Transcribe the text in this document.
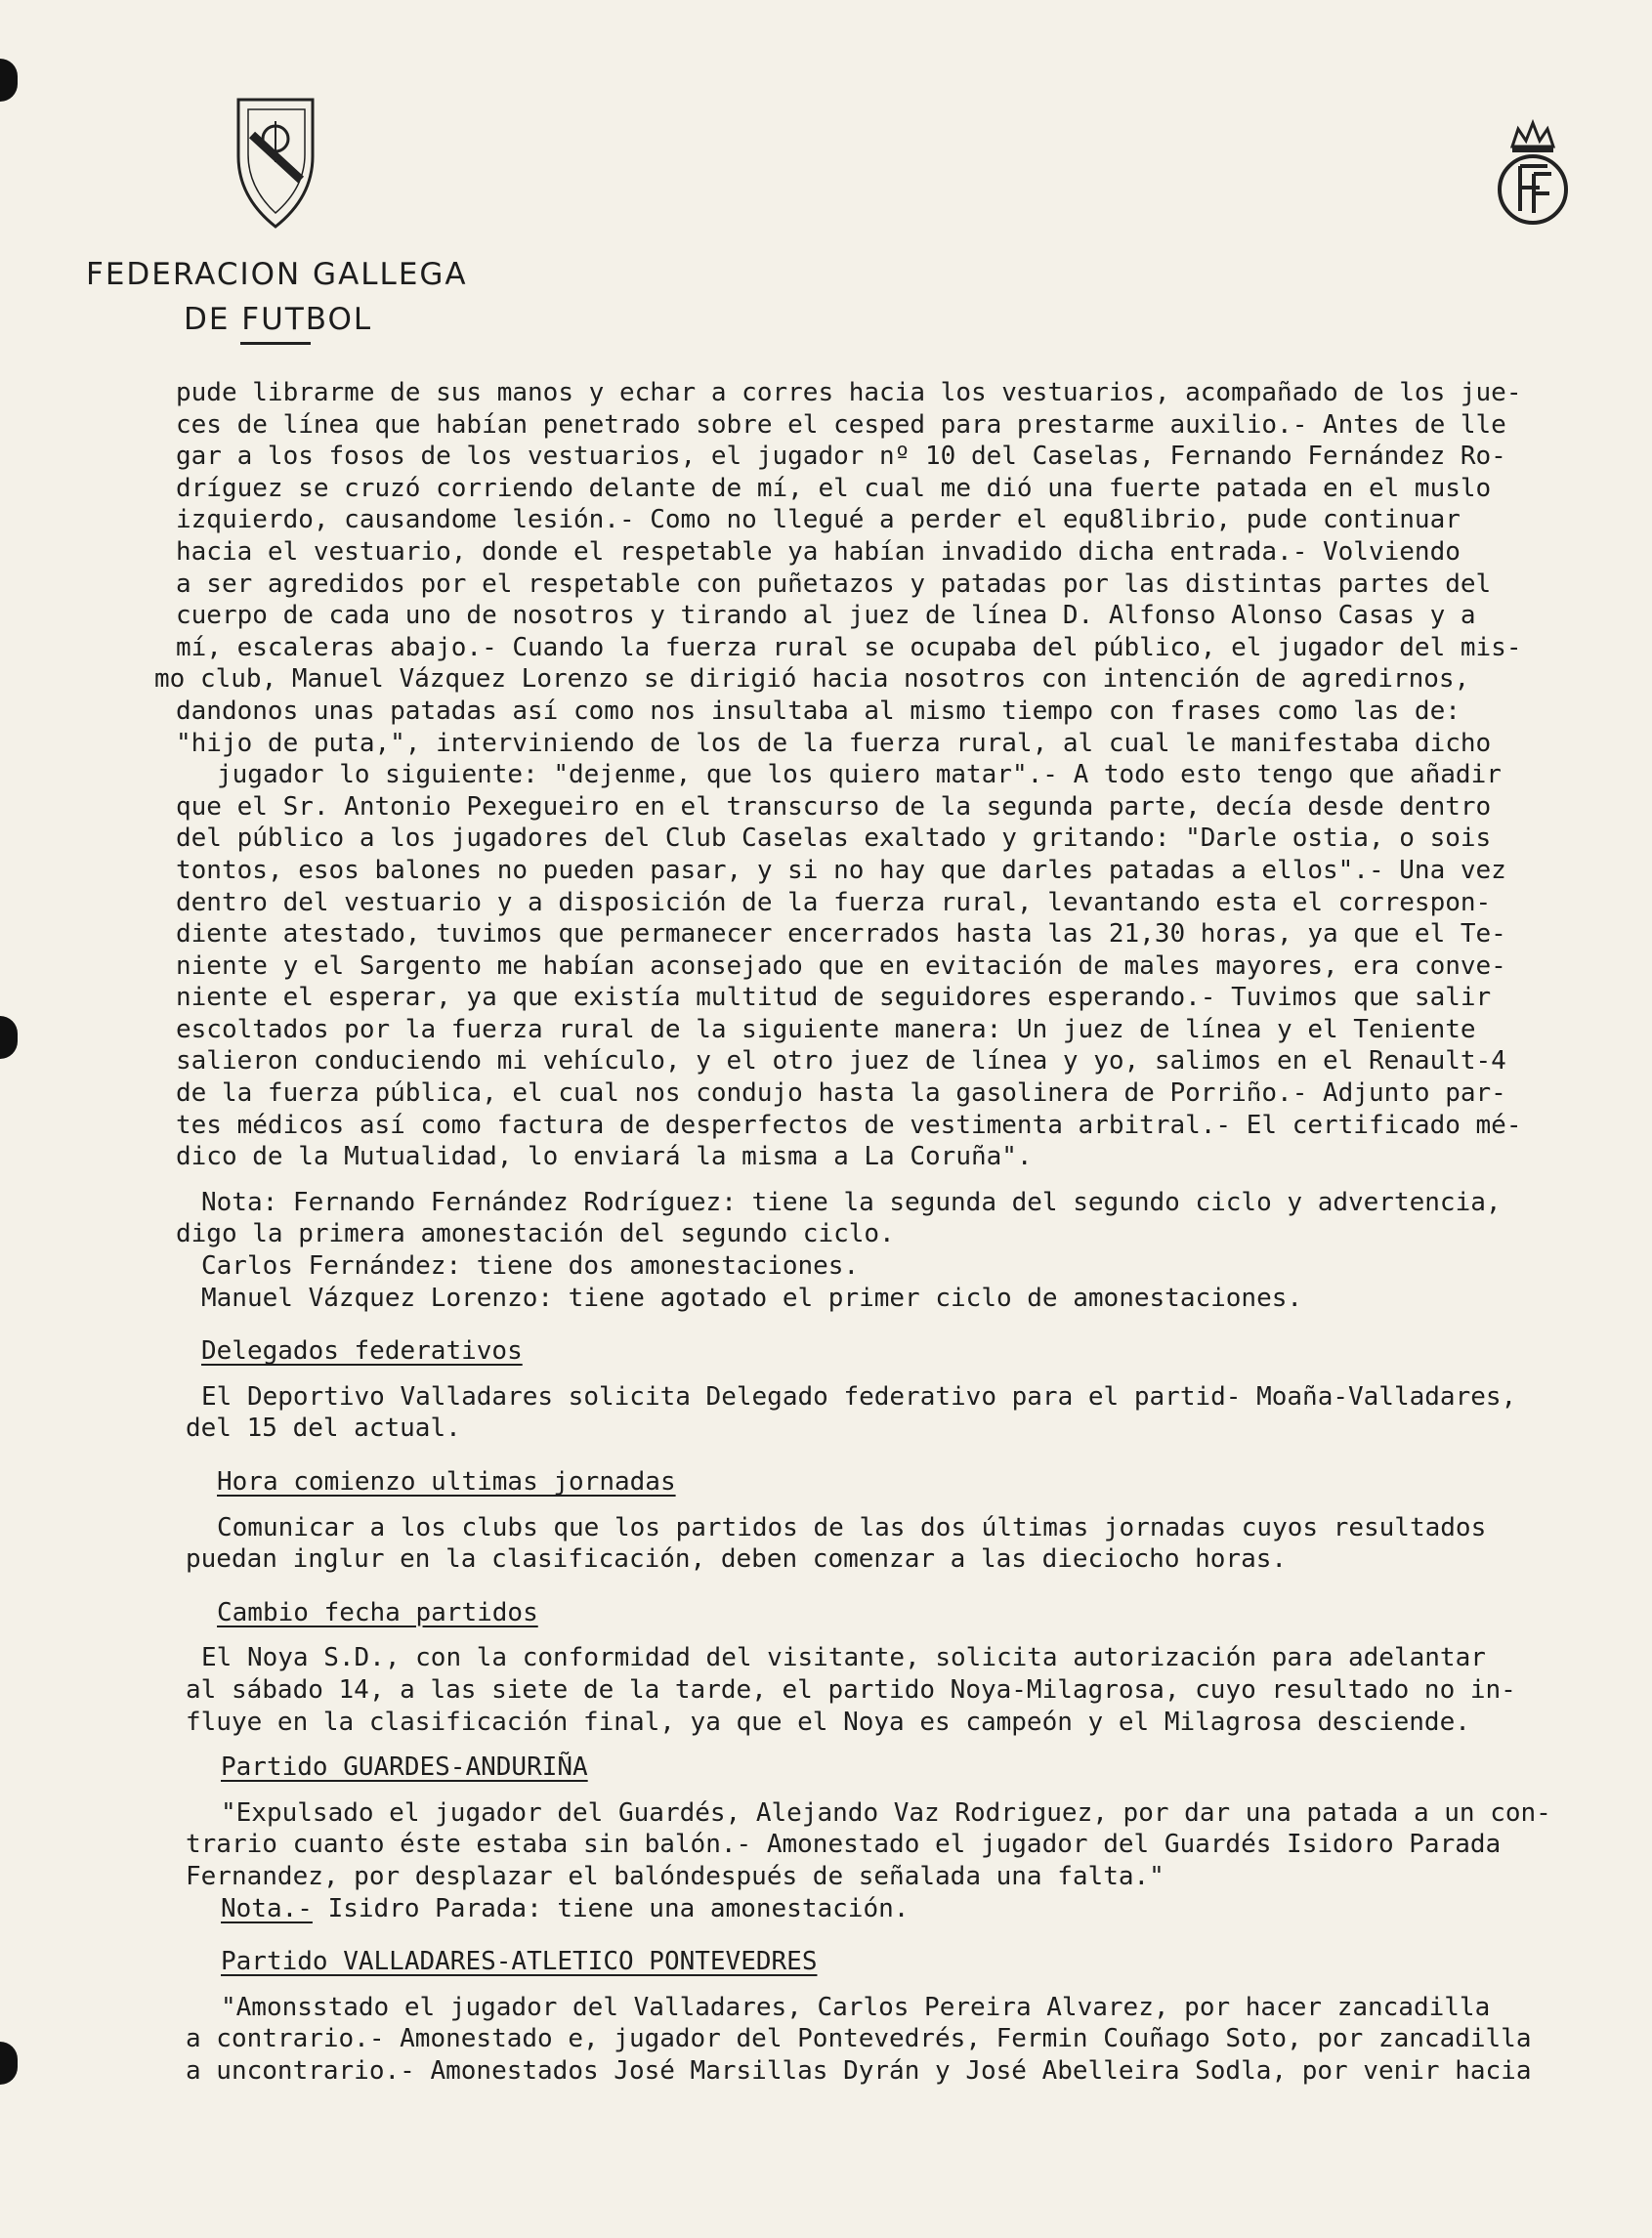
FEDERACION GALLEGA
DE FUTBOL
pude librarme de sus manos y echar a corres hacia los vestuarios, acompañado de los jue-
ces de línea que habían penetrado sobre el cesped para prestarme auxilio.- Antes de lle
gar a los fosos de los vestuarios, el jugador nº 10 del Caselas, Fernando Fernández Ro-
drígue​z se cruzó corriendo delante de mí, el cual me dió una fuerte patada en el muslo
izquierdo, causandome lesión.- Como no llegué a perder el equ8librio, pude continuar
hacia el vestuario, donde el respetable ya habían invadido dicha entrada.- Volviendo
a ser agredidos por el respetable con puñetazos y patadas por las distintas partes del
cuerpo de cada uno de nosotros y tirando al juez de línea D. Alfonso Alonso Casas y a
mí, escaleras abajo.- Cuando la fuerza rural se ocupaba del público, el jugador del mis-
mo club, Manuel Vázquez Lorenzo se dirigió hacia nosotros con intención de agredirnos,
dandonos unas patadas así como nos insultaba al mismo tiempo con frases como las de:
"hijo de puta,", interviniendo de los de la fuerza rural, al cual le manifestaba dicho
jugador lo siguiente: "dejenme, que los quiero matar".- A todo esto tengo que añadir
que el Sr. Antonio Pexegueiro en el transcurso de la segunda parte, decía desde dentro
del público a los jugadores del Club Caselas exaltado y gritando: "Darle ostia, o sois
tontos, esos balones no pueden pasar, y si no hay que darles patadas a ellos".- Una vez
dentro del vestuario y a disposición de la fuerza rural, levantando esta el correspon-
diente atestado, tuvimos que permanecer encerrados hasta las 21,30 horas, ya que el Te-
niente y el Sargento me habían aconsejado que en evitación de males mayores, era conve-
niente el esperar, ya que existía multitud de seguidores esperando.- Tuvimos que salir
escoltados por la fuerza rural de la siguiente manera: Un juez de línea y el Teniente
salieron conduciendo mi vehículo, y el otro juez de línea y yo, salimos en el Renault-4
de la fuerza pública, el cual nos condujo hasta la gasolinera de Porriño.- Adjunto par-
tes médicos así como factura de desperfectos de vestimenta arbitral.- El certificado mé-
dico de la Mutualidad, lo enviará la misma a La Coruña".
Nota: Fernando Fernández Rodríguez: tiene la segunda del segundo ciclo y advertencia,
digo la primera amonestación del segundo ciclo.
Carlos Fernández: tiene dos amonestaciones.
Manuel Vázquez Lorenzo: tiene agotado el primer ciclo de amonestaciones.
Delegados federativos
El Deportivo Valladares solicita Delegado federativo para el partid- Moaña-Valladares,
del 15 del actual.
Hora comienzo ultimas jornadas
Comunicar a los clubs que los partidos de las dos últimas jornadas cuyos resultados
puedan inglur en la clasificación, deben comenzar a las dieciocho horas.
Cambio fecha partidos
El Noya S.D., con la conformidad del visitante, solicita autorización para adelantar
al sábado 14, a las siete de la tarde, el partido Noya-Milagrosa, cuyo resultado no in-
fluye en la clasificación final, ya que el Noya es campeón y el Milagrosa desciende.
Partido GUARDES-ANDURIÑA
"Expulsado el jugador del Guardés, Alejando Vaz Rodriguez, por dar una patada a un con-
trario cuanto éste estaba sin balón.- Amonestado el jugador del Guardés Isidoro Parada
Fernandez, por desplazar el balóndespués de señalada una falta."
Nota.- Isidro Parada: tiene una amonestación.
Partido VALLADARES-ATLETICO PONTEVEDRES
"Amonsstado el jugador del Valladares, Carlos Pereira Alvarez, por hacer zancadilla
a contrario.- Amonestado e, jugador del Pontevedrés, Fermin Couñago Soto, por zancadilla
a uncontrario.- Amonestados José Marsillas Dyrán y José Abelleira Sodla, por venir hacia
